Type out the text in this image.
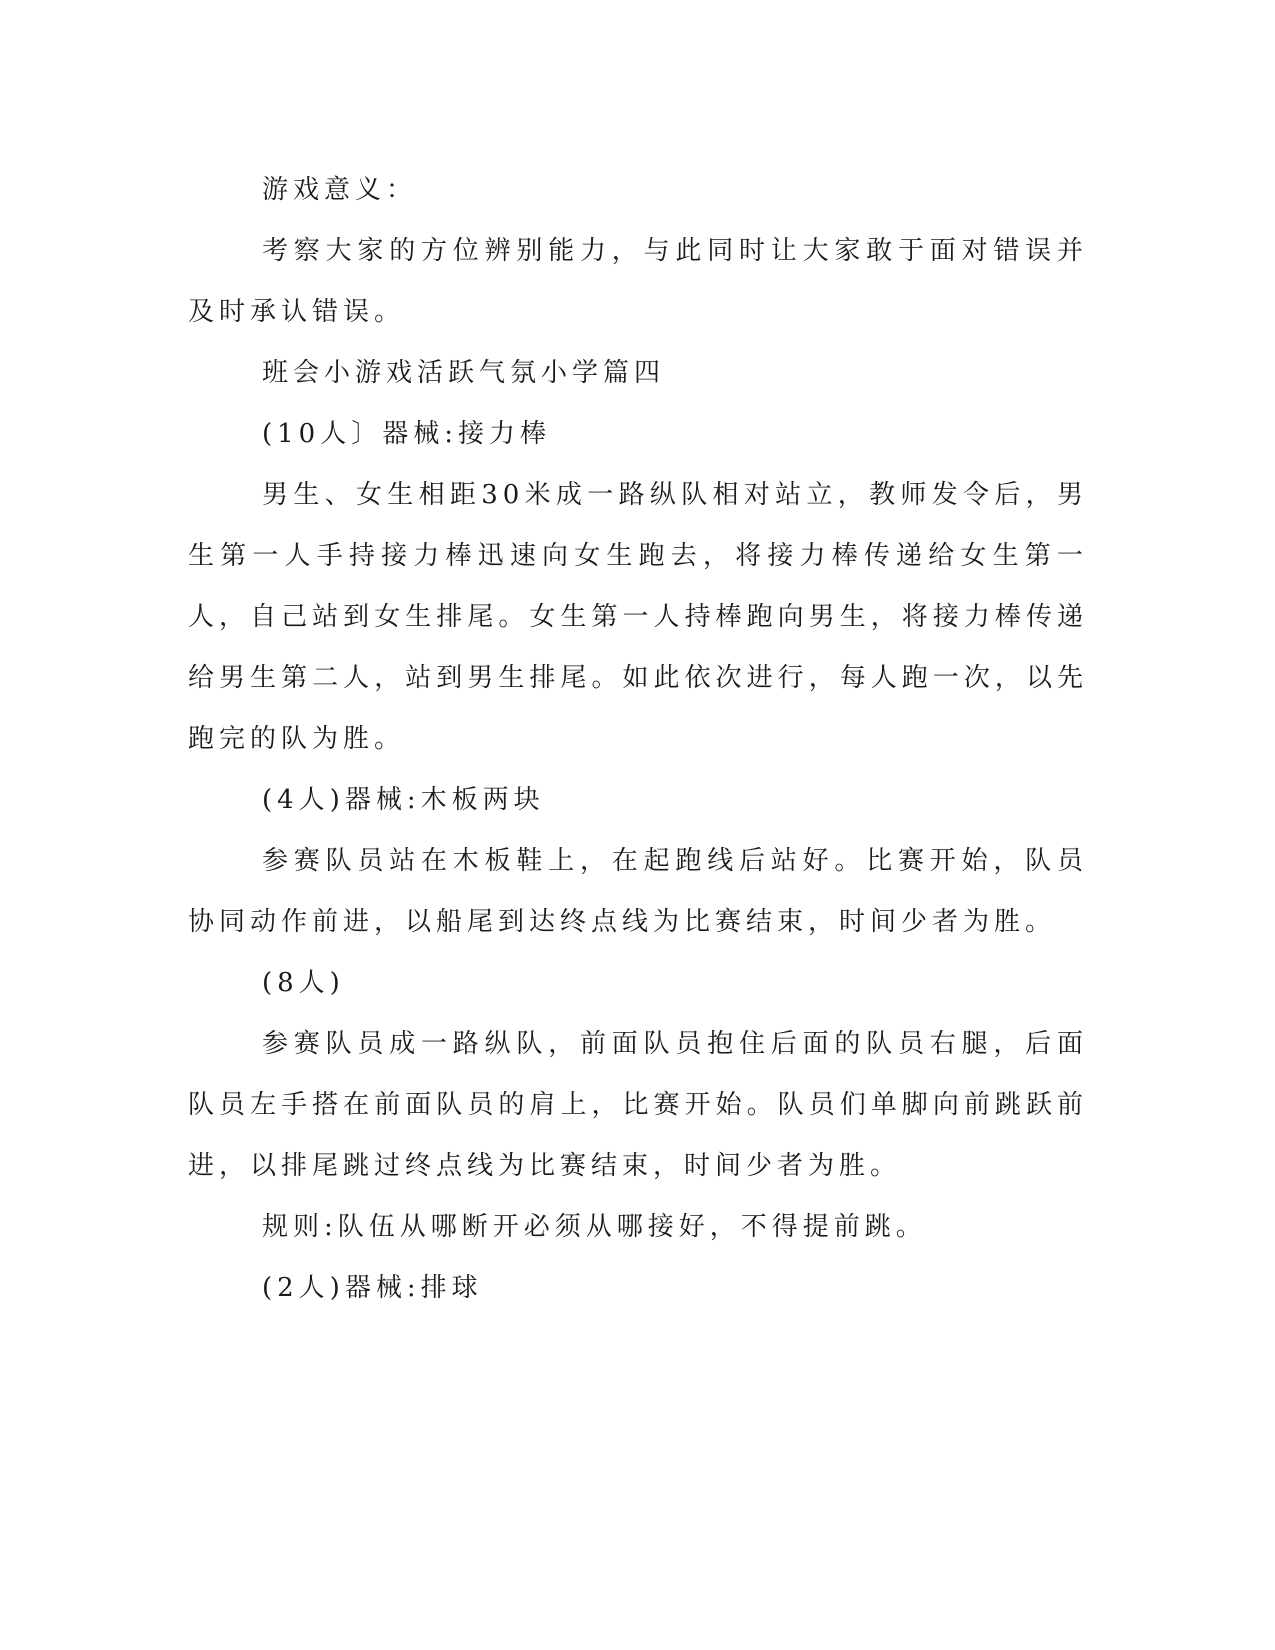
游戏意义：

考察大家的方位辨别能力，与此同时让大家敢于面对错误并及时承认错误。

班会小游戏活跃气氛小学篇四

(10人〕器械:接力棒

男生、女生相距30米成一路纵队相对站立，教师发令后，男生第一人手持接力棒迅速向女生跑去，将接力棒传递给女生第一人，自己站到女生排尾。女生第一人持棒跑向男生，将接力棒传递给男生第二人，站到男生排尾。如此依次进行，每人跑一次，以先跑完的队为胜。

(4人)器械:木板两块

参赛队员站在木板鞋上，在起跑线后站好。比赛开始，队员协同动作前进，以船尾到达终点线为比赛结束，时间少者为胜。

(8人)

参赛队员成一路纵队，前面队员抱住后面的队员右腿，后面队员左手搭在前面队员的肩上，比赛开始。队员们单脚向前跳跃前进，以排尾跳过终点线为比赛结束，时间少者为胜。

规则:队伍从哪断开必须从哪接好，不得提前跳。

(2人)器械:排球
